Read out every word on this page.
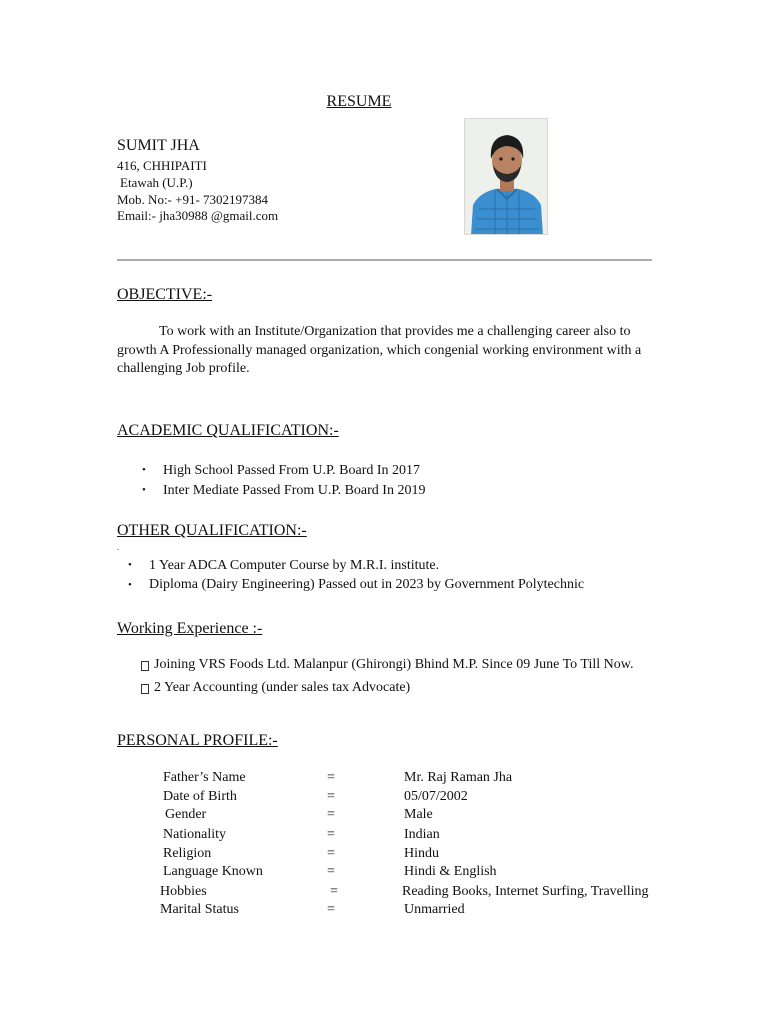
RESUME
SUMIT JHA
416, CHHIPAITI
Etawah (U.P.)
Mob. No:- +91- 7302197384
Email:- jha30988 @gmail.com
OBJECTIVE:-
To work with an Institute/Organization that provides me a challenging career also to growth A Professionally managed organization, which congenial working environment with a challenging Job profile.
ACADEMIC QUALIFICATION:-
• High School Passed From U.P. Board In 2017
• Inter Mediate Passed From U.P. Board In 2019
OTHER QUALIFICATION:-
.
• 1 Year ADCA Computer Course by M.R.I. institute.
• Diploma (Dairy Engineering) Passed out in 2023 by Government Polytechnic
Working Experience :-
Joining VRS Foods Ltd. Malanpur (Ghirongi) Bhind M.P. Since 09 June To Till Now.
2 Year Accounting (under sales tax Advocate)
PERSONAL PROFILE:-
Father’s Name	=	Mr. Raj Raman Jha
Date of Birth	=	05/07/2002
Gender	=	Male
Nationality	=	Indian
Religion	=	Hindu
Language Known	=	Hindi & English
Hobbies	=	Reading Books, Internet Surfing, Travelling
Marital Status	=	Unmarried
